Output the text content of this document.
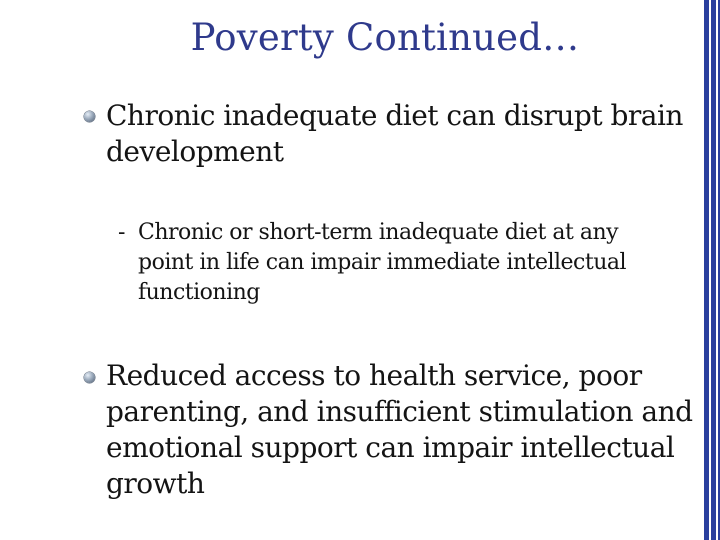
Poverty Continued…
Chronic inadequate diet can disrupt brain
development
- Chronic or short-term inadequate diet at any
point in life can impair immediate intellectual
functioning
Reduced access to health service, poor
parenting, and insufficient stimulation and
emotional support can impair intellectual
growth
